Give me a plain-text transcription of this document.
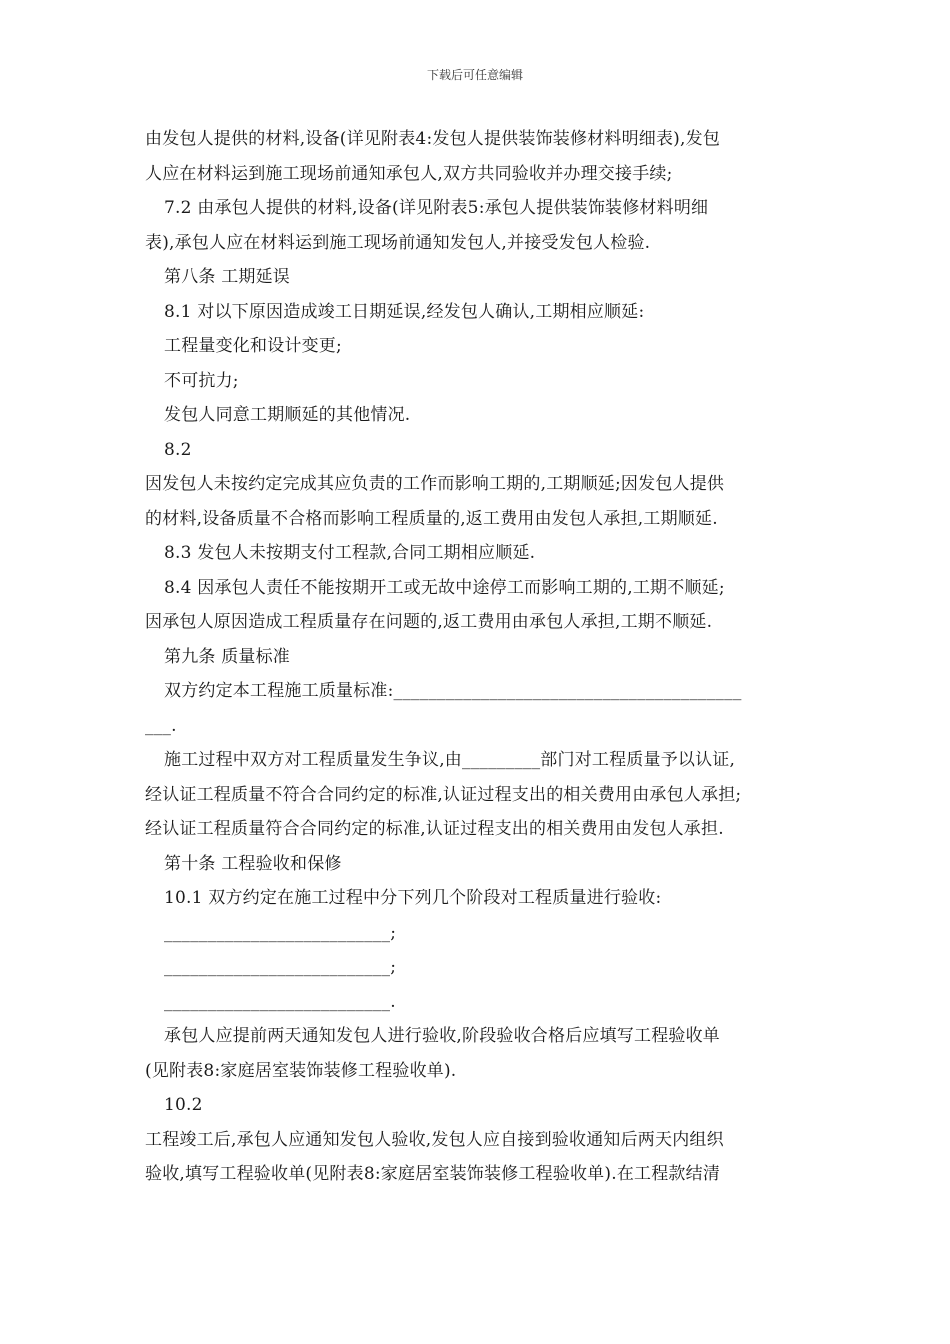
下载后可任意编辑
由发包人提供的材料,设备(详见附表4:发包人提供装饰装修材料明细表),发包
人应在材料运到施工现场前通知承包人,双方共同验收并办理交接手续;
7.2 由承包人提供的材料,设备(详见附表5:承包人提供装饰装修材料明细
表),承包人应在材料运到施工现场前通知发包人,并接受发包人检验.
第八条 工期延误
8.1 对以下原因造成竣工日期延误,经发包人确认,工期相应顺延:
工程量变化和设计变更;
不可抗力;
发包人同意工期顺延的其他情况.
8.2
因发包人未按约定完成其应负责的工作而影响工期的,工期顺延;因发包人提供
的材料,设备质量不合格而影响工程质量的,返工费用由发包人承担,工期顺延.
8.3 发包人未按期支付工程款,合同工期相应顺延.
8.4 因承包人责任不能按期开工或无故中途停工而影响工期的,工期不顺延;
因承包人原因造成工程质量存在问题的,返工费用由承包人承担,工期不顺延.
第九条 质量标准
双方约定本工程施工质量标准:________________________________________
___.
施工过程中双方对工程质量发生争议,由_________部门对工程质量予以认证,
经认证工程质量不符合合同约定的标准,认证过程支出的相关费用由承包人承担;
经认证工程质量符合合同约定的标准,认证过程支出的相关费用由发包人承担.
第十条 工程验收和保修
10.1 双方约定在施工过程中分下列几个阶段对工程质量进行验收:
__________________________;
__________________________;
__________________________.
承包人应提前两天通知发包人进行验收,阶段验收合格后应填写工程验收单
(见附表8:家庭居室装饰装修工程验收单).
10.2
工程竣工后,承包人应通知发包人验收,发包人应自接到验收通知后两天内组织
验收,填写工程验收单(见附表8:家庭居室装饰装修工程验收单).在工程款结清
